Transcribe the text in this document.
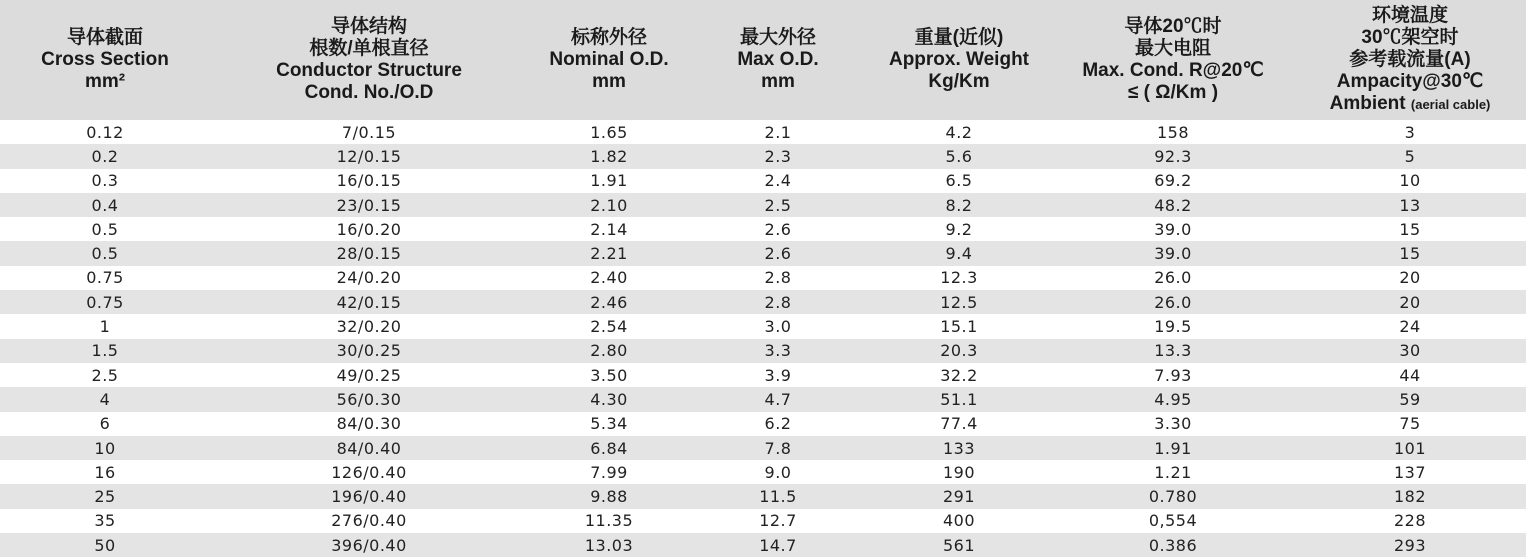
导体截面
Cross Section
mm²	导体结构
根数/单根直径
Conductor Structure
Cond. No./O.D	标称外径
Nominal O.D.
mm	最大外径
Max O.D.
mm	重量(近似)
Approx. Weight
Kg/Km	导体20℃时
最大电阻
Max. Cond. R@20℃
≤ ( Ω/Km )	环境温度
30℃架空时
参考载流量(A)
Ampacity@30℃
Ambient (aerial cable)

0.12	7/0.15	1.65	2.1	4.2	158	3
0.2	12/0.15	1.82	2.3	5.6	92.3	5
0.3	16/0.15	1.91	2.4	6.5	69.2	10
0.4	23/0.15	2.10	2.5	8.2	48.2	13
0.5	16/0.20	2.14	2.6	9.2	39.0	15
0.5	28/0.15	2.21	2.6	9.4	39.0	15
0.75	24/0.20	2.40	2.8	12.3	26.0	20
0.75	42/0.15	2.46	2.8	12.5	26.0	20
1	32/0.20	2.54	3.0	15.1	19.5	24
1.5	30/0.25	2.80	3.3	20.3	13.3	30
2.5	49/0.25	3.50	3.9	32.2	7.93	44
4	56/0.30	4.30	4.7	51.1	4.95	59
6	84/0.30	5.34	6.2	77.4	3.30	75
10	84/0.40	6.84	7.8	133	1.91	101
16	126/0.40	7.99	9.0	190	1.21	137
25	196/0.40	9.88	11.5	291	0.780	182
35	276/0.40	11.35	12.7	400	0,554	228
50	396/0.40	13.03	14.7	561	0.386	293
